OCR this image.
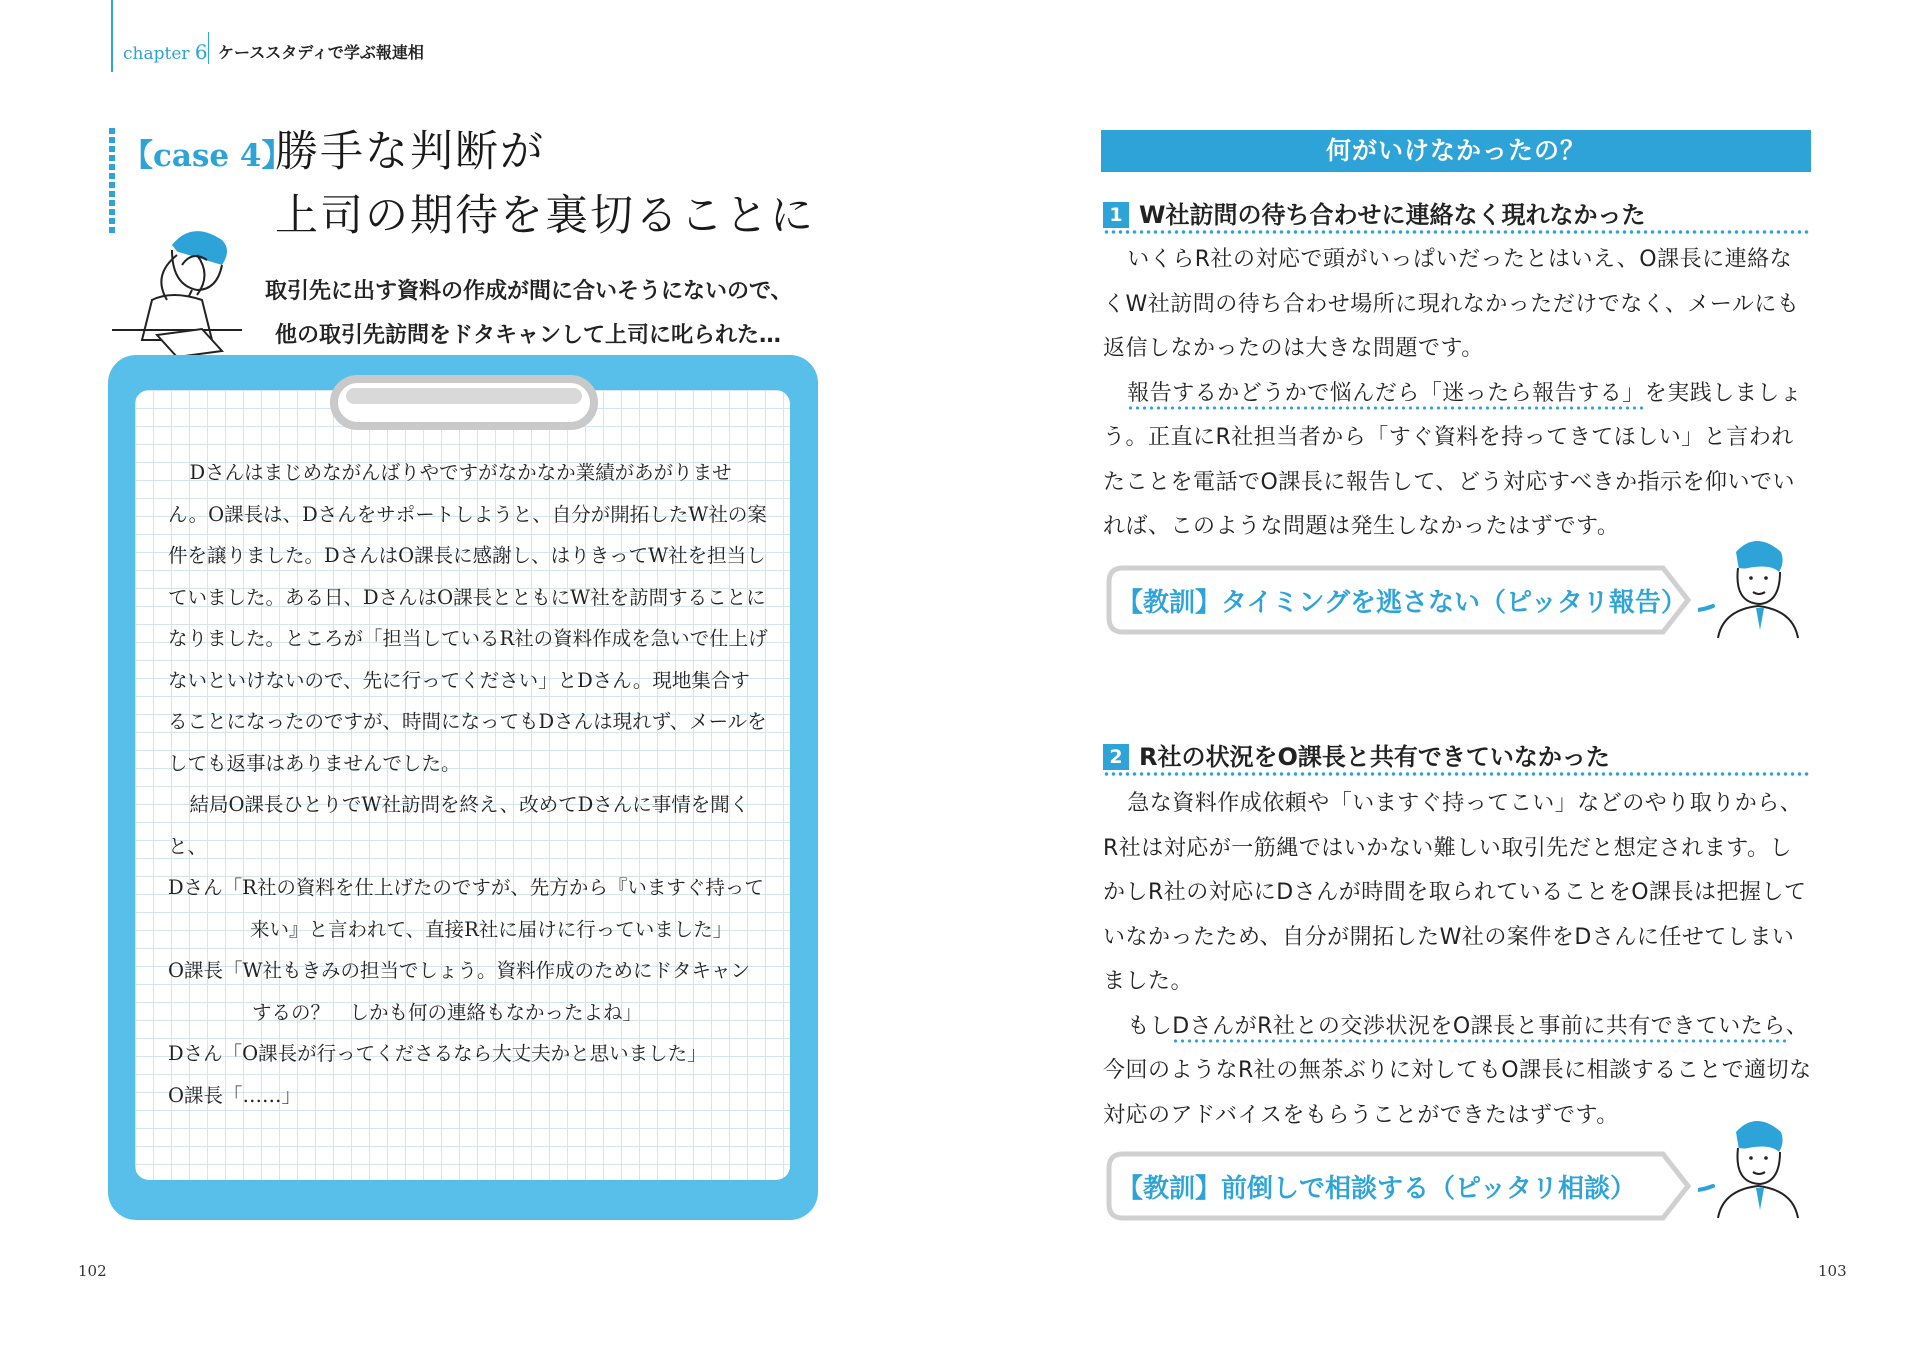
chapter 6 ケーススタディで学ぶ報連相
【case 4】
勝手な判断が
上司の期待を裏切ることに
取引先に出す資料の作成が間に合いそうにないので、
他の取引先訪問をドタキャンして上司に叱られた…

Dさんはまじめながんばりやですがなかなか業績があがりません。O課長は、Dさんをサポートしようと、自分が開拓したW社の案件を譲りました。DさんはO課長に感謝し、はりきってW社を担当していました。ある日、DさんはO課長とともにW社を訪問することになりました。ところが「担当しているR社の資料作成を急いで仕上げないといけないので、先に行ってください」とDさん。現地集合することになったのですが、時間になってもDさんは現れず、メールをしても返事はありませんでした。

結局O課長ひとりでW社訪問を終え、改めてDさんに事情を聞くと、

Dさん「R社の資料を仕上げたのですが、先方から『いますぐ持って来い』と言われて、直接R社に届けに行っていました」

O課長「W社もきみの担当でしょう。資料作成のためにドタキャンするの？　しかも何の連絡もなかったよね」

Dさん「O課長が行ってくださるなら大丈夫かと思いました」

O課長「……」

102
何がいけなかったの？
1 W社訪問の待ち合わせに連絡なく現れなかった

いくらR社の対応で頭がいっぱいだったとはいえ、O課長に連絡なくW社訪問の待ち合わせ場所に現れなかっただけでなく、メールにも返信しなかったのは大きな問題です。

報告するかどうかで悩んだら「迷ったら報告する」を実践しましょう。正直にR社担当者から「すぐ資料を持ってきてほしい」と言われたことを電話でO課長に報告して、どう対応すべきか指示を仰いでいれば、このような問題は発生しなかったはずです。

【教訓】タイミングを逃さない（ピッタリ報告）
2 R社の状況をO課長と共有できていなかった

急な資料作成依頼や「いますぐ持ってこい」などのやり取りから、R社は対応が一筋縄ではいかない難しい取引先だと想定されます。しかしR社の対応にDさんが時間を取られていることをO課長は把握していなかったため、自分が開拓したW社の案件をDさんに任せてしまいました。

もしDさんがR社との交渉状況をO課長と事前に共有できていたら、今回のようなR社の無茶ぶりに対してもO課長に相談することで適切な対応のアドバイスをもらうことができたはずです。

【教訓】前倒しで相談する（ピッタリ相談）
103
